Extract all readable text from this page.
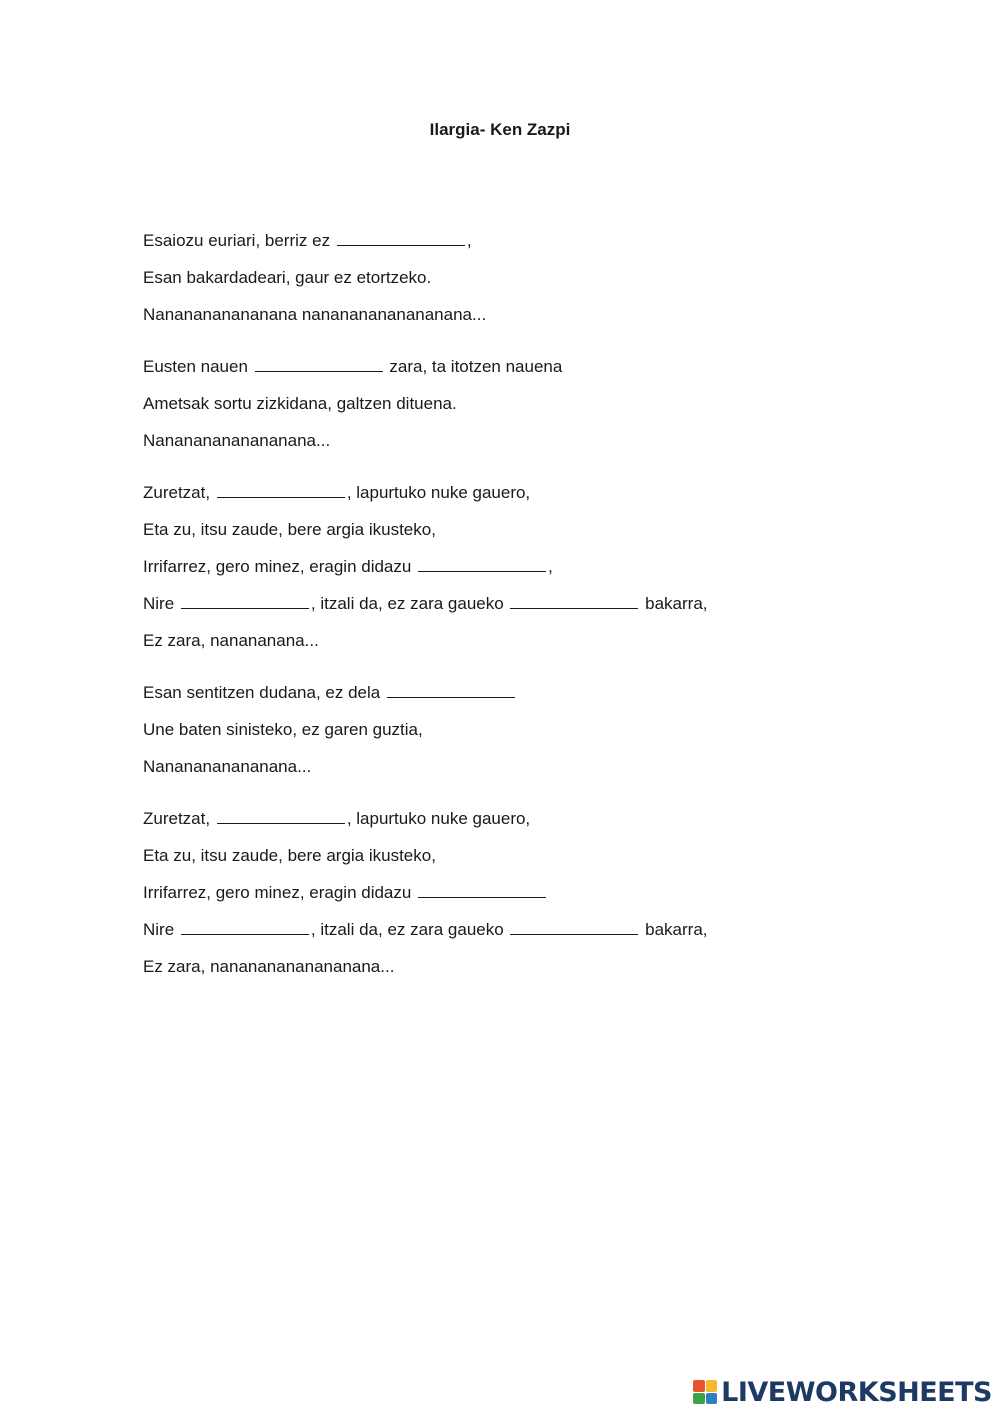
Ilargia- Ken Zazpi
Esaiozu euriari, berriz ez	,
Esan bakardadeari, gaur ez etortzeko.
Nananananananana nanananananananana...
Eusten nauen	zara, ta itotzen nauena
Ametsak sortu zizkidana, galtzen dituena.
Nanananananananana...
Zuretzat,	, lapurtuko nuke gauero,
Eta zu, itsu zaude, bere argia ikusteko,
Irrifarrez, gero minez, eragin didazu	,
Nire	, itzali da, ez zara gaueko	bakarra,
Ez zara, nanananana...
Esan sentitzen dudana, ez dela
Une baten sinisteko, ez garen guztia,
Nananananananana...
Zuretzat,	, lapurtuko nuke gauero,
Eta zu, itsu zaude, bere argia ikusteko,
Irrifarrez, gero minez, eragin didazu
Nire	, itzali da, ez zara gaueko	bakarra,
Ez zara, nanananananananana...
LIVEWORKSHEETS
